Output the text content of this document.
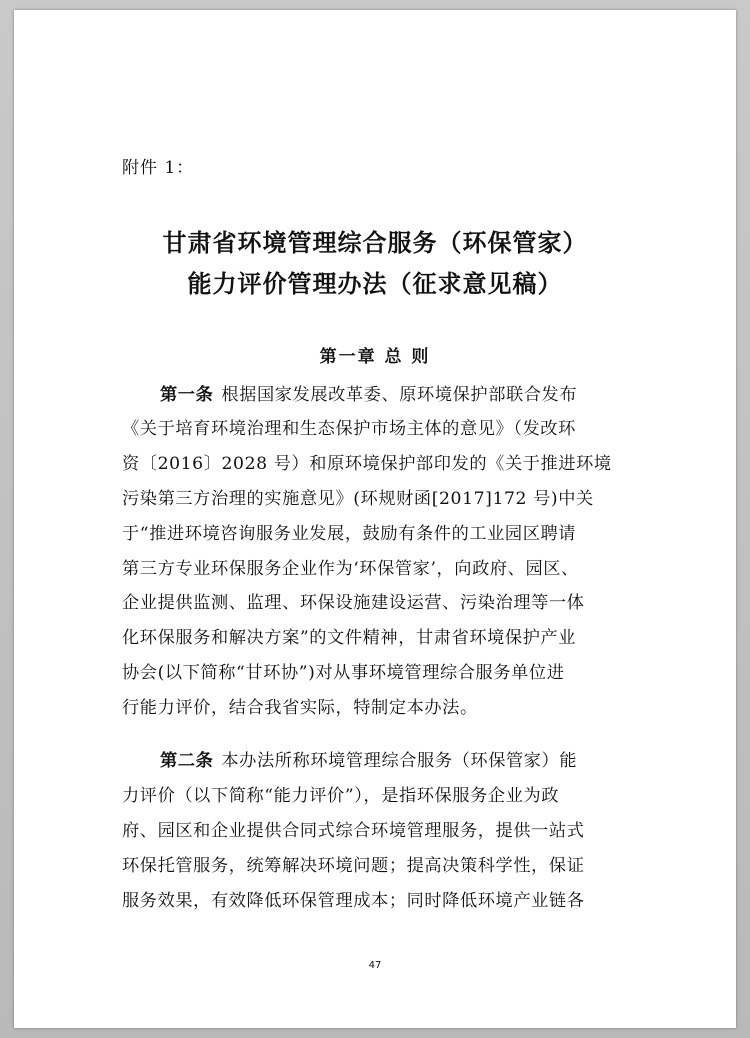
附件 1：
甘肃省环境管理综合服务（环保管家）
能力评价管理办法（征求意见稿）
第一章 总 则
第一条 根据国家发展改革委、原环境保护部联合发布
《关于培育环境治理和生态保护市场主体的意见》（发改环
资〔2016〕2028 号）和原环境保护部印发的《关于推进环境
污染第三方治理的实施意见》(环规财函[2017]172 号)中关
于“推进环境咨询服务业发展，鼓励有条件的工业园区聘请
第三方专业环保服务企业作为‘环保管家’，向政府、园区、
企业提供监测、监理、环保设施建设运营、污染治理等一体
化环保服务和解决方案”的文件精神，甘肃省环境保护产业
协会(以下简称“甘环协”)对从事环境管理综合服务单位进
行能力评价，结合我省实际，特制定本办法。
第二条 本办法所称环境管理综合服务（环保管家）能
力评价（以下简称“能力评价”），是指环保服务企业为政
府、园区和企业提供合同式综合环境管理服务，提供一站式
环保托管服务，统筹解决环境问题；提高决策科学性，保证
服务效果，有效降低环保管理成本；同时降低环境产业链各
47
